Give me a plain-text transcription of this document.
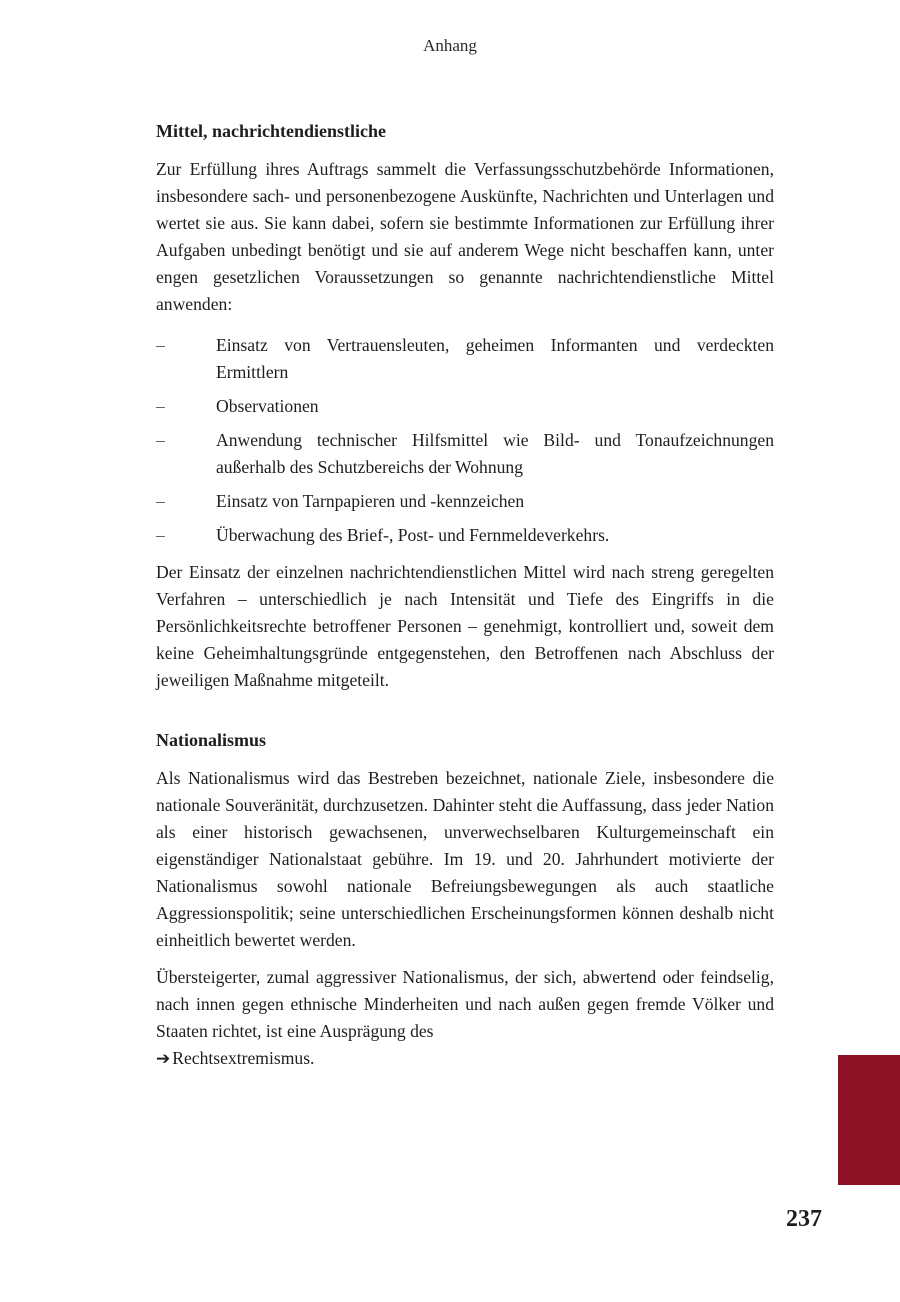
Anhang
Mittel, nachrichtendienstliche

Zur Erfüllung ihres Auftrags sammelt die Verfassungsschutzbehörde Informationen, insbesondere sach- und personenbezogene Auskünfte, Nachrichten und Unterlagen und wertet sie aus. Sie kann dabei, sofern sie bestimmte Informationen zur Erfüllung ihrer Aufgaben unbedingt benötigt und sie auf anderem Wege nicht beschaffen kann, unter engen gesetzlichen Voraussetzungen so genannte nachrichtendienstliche Mittel anwenden:

–	Einsatz von Vertrauensleuten, geheimen Informanten und verdeckten Ermittlern
–	Observationen
–	Anwendung technischer Hilfsmittel wie Bild- und Tonaufzeichnungen außerhalb des Schutzbereichs der Wohnung
–	Einsatz von Tarnpapieren und -kennzeichen
–	Überwachung des Brief-, Post- und Fernmeldeverkehrs.

Der Einsatz der einzelnen nachrichtendienstlichen Mittel wird nach streng geregelten Verfahren – unterschiedlich je nach Intensität und Tiefe des Eingriffs in die Persönlichkeitsrechte betroffener Personen – genehmigt, kontrolliert und, soweit dem keine Geheimhaltungsgründe entgegenstehen, den Betroffenen nach Abschluss der jeweiligen Maßnahme mitgeteilt.

Nationalismus

Als Nationalismus wird das Bestreben bezeichnet, nationale Ziele, insbesondere die nationale Souveränität, durchzusetzen. Dahinter steht die Auffassung, dass jeder Nation als einer historisch gewachsenen, unverwechselbaren Kulturgemeinschaft ein eigenständiger Nationalstaat gebühre. Im 19. und 20. Jahrhundert motivierte der Nationalismus sowohl nationale Befreiungsbewegungen als auch staatliche Aggressionspolitik; seine unterschiedlichen Erscheinungsformen können deshalb nicht einheitlich bewertet werden.

Übersteigerter, zumal aggressiver Nationalismus, der sich, abwertend oder feindselig, nach innen gegen ethnische Minderheiten und nach außen gegen fremde Völker und Staaten richtet, ist eine Ausprägung des
➔ Rechtsextremismus.

237
